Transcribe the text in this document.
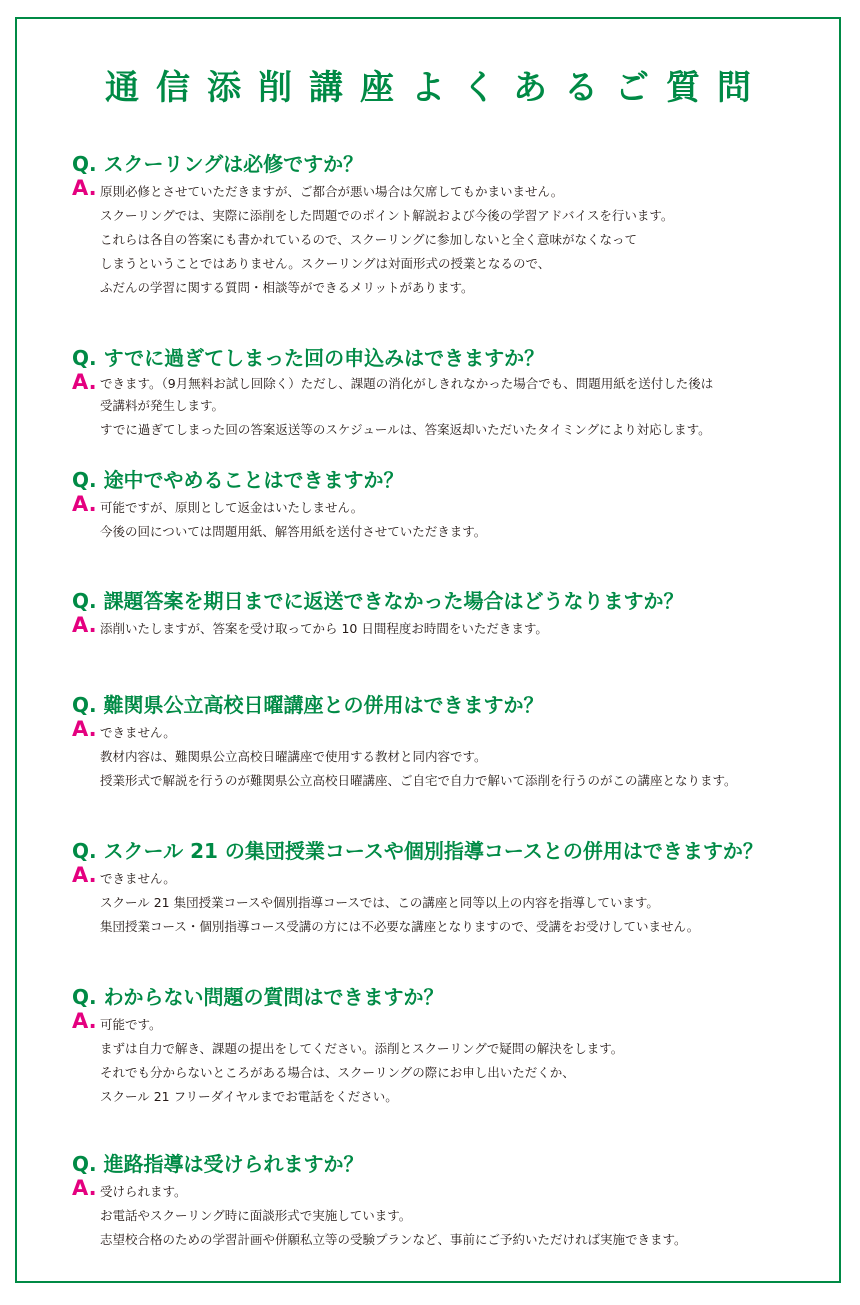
通信添削講座よくあるご質問
Q. スクーリングは必修ですか？
A. 原則必修とさせていただきますが、ご都合が悪い場合は欠席してもかまいません。
スクーリングでは、実際に添削をした問題でのポイント解説および今後の学習アドバイスを行います。
これらは各自の答案にも書かれているので、スクーリングに参加しないと全く意味がなくなって
しまうということではありません。スクーリングは対面形式の授業となるので、
ふだんの学習に関する質問・相談等ができるメリットがあります。
Q. すでに過ぎてしまった回の申込みはできますか？
A. できます。（9月無料お試し回除く）ただし、課題の消化がしきれなかった場合でも、問題用紙を送付した後は
受講料が発生します。
すでに過ぎてしまった回の答案返送等のスケジュールは、答案返却いただいたタイミングにより対応します。
Q. 途中でやめることはできますか？
A. 可能ですが、原則として返金はいたしません。
今後の回については問題用紙、解答用紙を送付させていただきます。
Q. 課題答案を期日までに返送できなかった場合はどうなりますか？
A. 添削いたしますが、答案を受け取ってから 10 日間程度お時間をいただきます。
Q. 難関県公立高校日曜講座との併用はできますか？
A. できません。
教材内容は、難関県公立高校日曜講座で使用する教材と同内容です。
授業形式で解説を行うのが難関県公立高校日曜講座、ご自宅で自力で解いて添削を行うのがこの講座となります。
Q. スクール 21 の集団授業コースや個別指導コースとの併用はできますか？
A. できません。
スクール 21 集団授業コースや個別指導コースでは、この講座と同等以上の内容を指導しています。
集団授業コース・個別指導コース受講の方には不必要な講座となりますので、受講をお受けしていません。
Q. わからない問題の質問はできますか？
A. 可能です。
まずは自力で解き、課題の提出をしてください。添削とスクーリングで疑問の解決をします。
それでも分からないところがある場合は、スクーリングの際にお申し出いただくか、
スクール 21 フリーダイヤルまでお電話をください。
Q. 進路指導は受けられますか？
A. 受けられます。
お電話やスクーリング時に面談形式で実施しています。
志望校合格のための学習計画や併願私立等の受験プランなど、事前にご予約いただければ実施できます。
